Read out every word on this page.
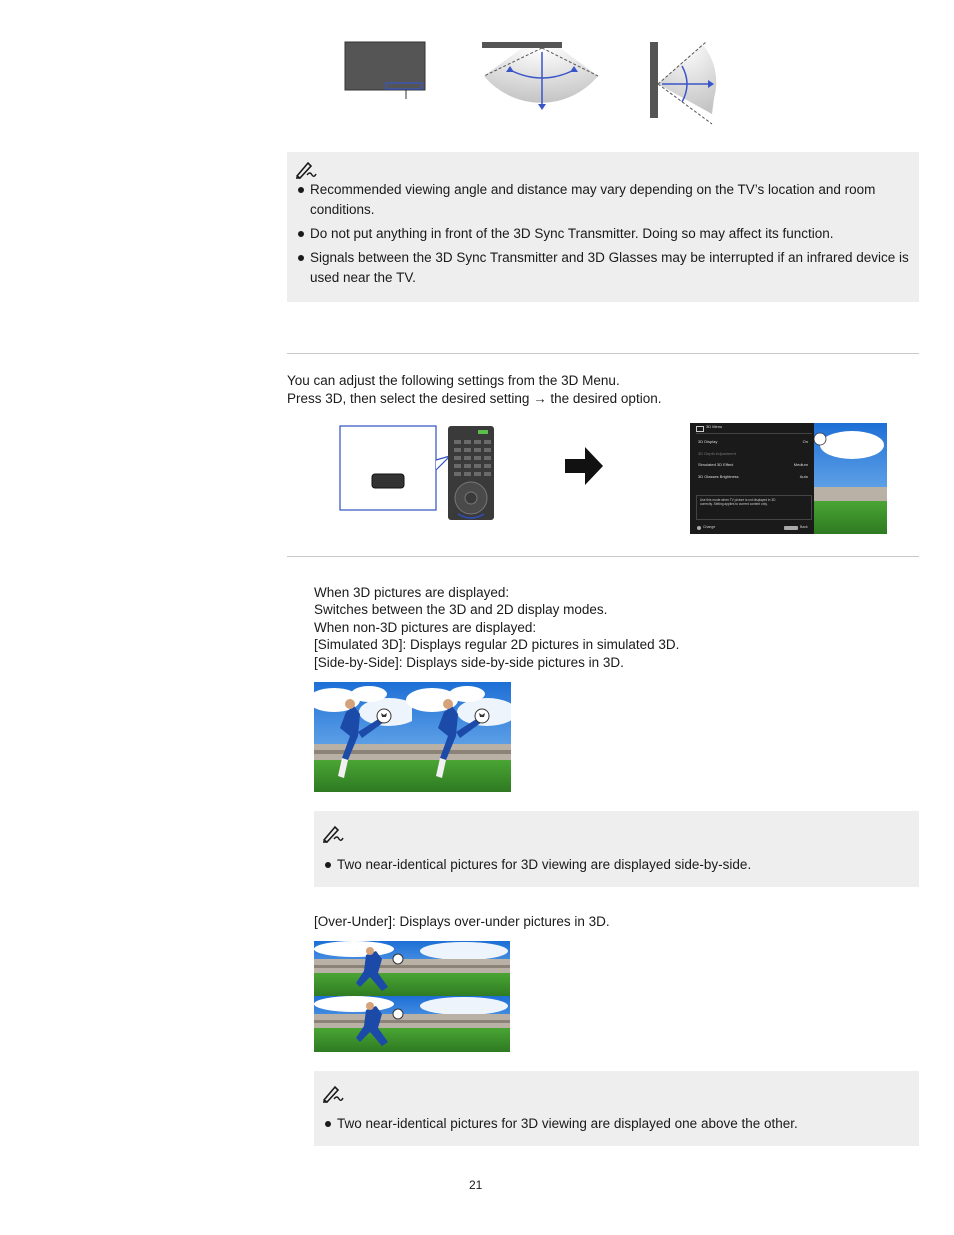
Recommended viewing angle and distance may vary depending on the TV’s location and room conditions.
Do not put anything in front of the 3D Sync Transmitter. Doing so may affect its function.
Signals between the 3D Sync Transmitter and 3D Glasses may be interrupted if an infrared device is used near the TV.
You can adjust the following settings from the 3D Menu.
Press 3D, then select the desired setting → the desired option.
3D Menu
3D Display	On
3D Depth Adjustment
Simulated 3D Effect	Medium
3D Glasses Brightness	Auto
Use this mode when TV picture is not displayed in 3D correctly. Setting applies to current content only.
Change	Back
When 3D pictures are displayed:
Switches between the 3D and 2D display modes.
When non-3D pictures are displayed:
[Simulated 3D]: Displays regular 2D pictures in simulated 3D.
[Side-by-Side]: Displays side-by-side pictures in 3D.
Two near-identical pictures for 3D viewing are displayed side-by-side.
[Over-Under]: Displays over-under pictures in 3D.
Two near-identical pictures for 3D viewing are displayed one above the other.
21
